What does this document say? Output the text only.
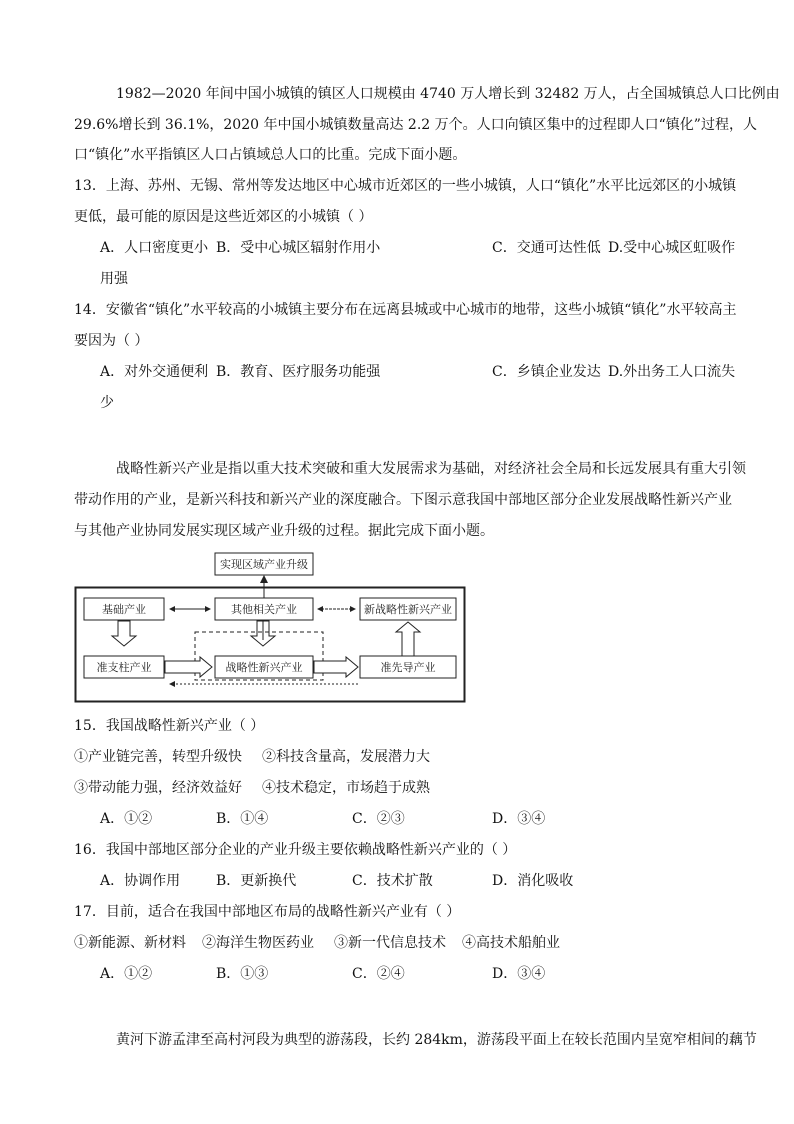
1982—2020 年间中国小城镇的镇区人口规模由 4740 万人增长到 32482 万人，占全国城镇总人口比例由
29.6%增长到 36.1%，2020 年中国小城镇数量高达 2.2 万个。人口向镇区集中的过程即人口“镇化”过程，人
口“镇化”水平指镇区人口占镇域总人口的比重。完成下面小题。
13．上海、苏州、无锡、常州等发达地区中心城市近郊区的一些小城镇，人口“镇化”水平比远郊区的小城镇
更低，最可能的原因是这些近郊区的小城镇（ ）
A．人口密度更小 B．受中心城区辐射作用小	C．交通可达性低 D.受中心城区虹吸作
用强
14．安徽省“镇化”水平较高的小城镇主要分布在远离县城或中心城市的地带，这些小城镇“镇化”水平较高主
要因为（ ）
A．对外交通便利 B．教育、医疗服务功能强	C．乡镇企业发达 D.外出务工人口流失
少
战略性新兴产业是指以重大技术突破和重大发展需求为基础，对经济社会全局和长远发展具有重大引领
带动作用的产业，是新兴科技和新兴产业的深度融合。下图示意我国中部地区部分企业发展战略性新兴产业
与其他产业协同发展实现区域产业升级的过程。据此完成下面小题。
实现区域产业升级
基础产业	其他相关产业	新战略性新兴产业
准支柱产业	战略性新兴产业	准先导产业
15．我国战略性新兴产业（ ）
①产业链完善，转型升级快 ②科技含量高，发展潜力大
③带动能力强，经济效益好 ④技术稳定，市场趋于成熟
A．①②	B．①④	C．②③	D．③④
16．我国中部地区部分企业的产业升级主要依赖战略性新兴产业的（ ）
A．协调作用	B．更新换代	C．技术扩散	D．消化吸收
17．目前，适合在我国中部地区布局的战略性新兴产业有（ ）
①新能源、新材料 ②海洋生物医药业 ③新一代信息技术 ④高技术船舶业
A．①②	B．①③	C．②④	D．③④
黄河下游孟津至高村河段为典型的游荡段，长约 284km，游荡段平面上在较长范围内呈宽窄相间的藕节
